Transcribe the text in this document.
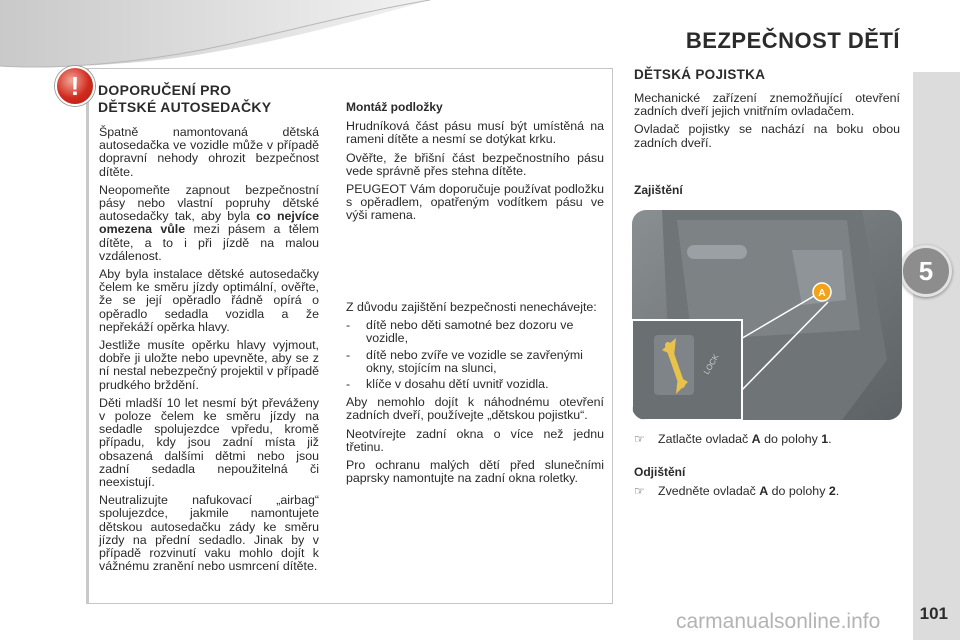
BEZPEČNOST DĚTÍ
5
101
!	DOPORUČENÍ PRO
DĚTSKÉ AUTOSEDAČKY

Špatně namontovaná dětská autosedačka ve vozidle může v případě dopravní nehody ohrozit bezpečnost dítěte.

Neopomeňte zapnout bezpečnostní pásy nebo vlastní popruhy dětské autosedačky tak, aby byla co nejvíce omezena vůle mezi pásem a tělem dítěte, a to i při jízdě na malou vzdálenost.

Aby byla instalace dětské autosedačky čelem ke směru jízdy optimální, ověřte, že se její opěradlo řádně opírá o opěradlo sedadla vozidla a že nepřekáží opěrka hlavy.

Jestliže musíte opěrku hlavy vyjmout, dobře ji uložte nebo upevněte, aby se z ní nestal nebezpečný projektil v případě prudkého brždění.

Děti mladší 10 let nesmí být převáženy v poloze čelem ke směru jízdy na sedadle spolujezdce vpředu, kromě případu, kdy jsou zadní místa již obsazená dalšími dětmi nebo jsou zadní sedadla nepoužitelná či neexistují.

Neutralizujte nafukovací „airbag“ spolujezdce, jakmile namontujete dětskou autosedačku zády ke směru jízdy na přední sedadlo. Jinak by v případě rozvinutí vaku mohlo dojít k vážnému zranění nebo usmrcení dítěte.

Montáž podložky

Hrudníková část pásu musí být umístěná na rameni dítěte a nesmí se dotýkat krku.

Ověřte, že břišní část bezpečnostního pásu vede správně přes stehna dítěte.

PEUGEOT Vám doporučuje používat podložku s opěradlem, opatřeným vodítkem pásu ve výši ramena.

Z důvodu zajištění bezpečnosti nenechávejte:

- dítě nebo děti samotné bez dozoru ve vozidle,
- dítě nebo zvíře ve vozidle se zavřenými okny, stojícím na slunci,
- klíče v dosahu dětí uvnitř vozidla.

Aby nemohlo dojít k náhodnému otevření zadních dveří, používejte „dětskou pojistku“.

Neotvírejte zadní okna o více než jednu třetinu.

Pro ochranu malých dětí před slunečními paprsky namontujte na zadní okna roletky.

DĚTSKÁ POJISTKA

Mechanické zařízení znemožňující otevření zadních dveří jejich vnitřním ovladačem.

Ovladač pojistky se nachází na boku obou zadních dveří.

Zajištění
A
LOCK
☞ Zatlačte ovladač A do polohy 1.
Odjištění
☞ Zvedněte ovladač A do polohy 2.
carmanualsonline.info
